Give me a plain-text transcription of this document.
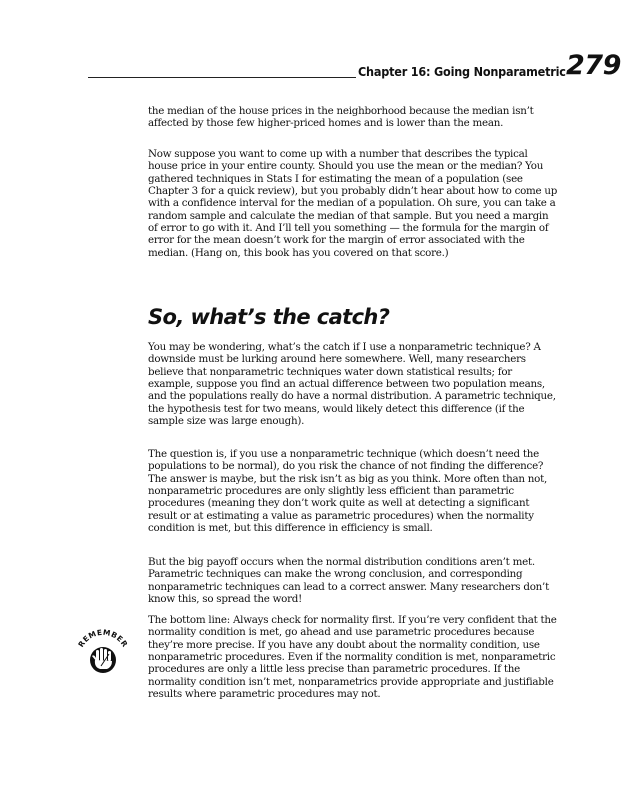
Chapter 16: Going Nonparametric 279

the median of the house prices in the neighborhood because the median isn’t affected by those few higher-priced homes and is lower than the mean.

Now suppose you want to come up with a number that describes the typical house price in your entire county. Should you use the mean or the median? You gathered techniques in Stats I for estimating the mean of a population (see Chapter 3 for a quick review), but you probably didn’t hear about how to come up with a confidence interval for the median of a population. Oh sure, you can take a random sample and calculate the median of that sample. But you need a margin of error to go with it. And I’ll tell you something — the formula for the margin of error for the mean doesn’t work for the margin of error associated with the median. (Hang on, this book has you covered on that score.)

So, what’s the catch?

You may be wondering, what’s the catch if I use a nonparametric technique? A downside must be lurking around here somewhere. Well, many researchers believe that nonparametric techniques water down statistical results; for example, suppose you find an actual difference between two population means, and the populations really do have a normal distribution. A parametric technique, the hypothesis test for two means, would likely detect this difference (if the sample size was large enough).

The question is, if you use a nonparametric technique (which doesn’t need the populations to be normal), do you risk the chance of not finding the difference? The answer is maybe, but the risk isn’t as big as you think. More often than not, nonparametric procedures are only slightly less efficient than parametric procedures (meaning they don’t work quite as well at detecting a significant result or at estimating a value as parametric procedures) when the normality condition is met, but this difference in efficiency is small.

But the big payoff occurs when the normal distribution conditions aren’t met. Parametric techniques can make the wrong conclusion, and corresponding nonparametric techniques can lead to a correct answer. Many researchers don’t know this, so spread the word!

The bottom line: Always check for normality first. If you’re very confident that the normality condition is met, go ahead and use parametric procedures because they’re more precise. If you have any doubt about the normality condition, use nonparametric procedures. Even if the normality condition is met, nonparametric procedures are only a little less precise than parametric procedures. If the normality condition isn’t met, nonparametrics provide appropriate and justifiable results where parametric procedures may not.

REMEMBER
